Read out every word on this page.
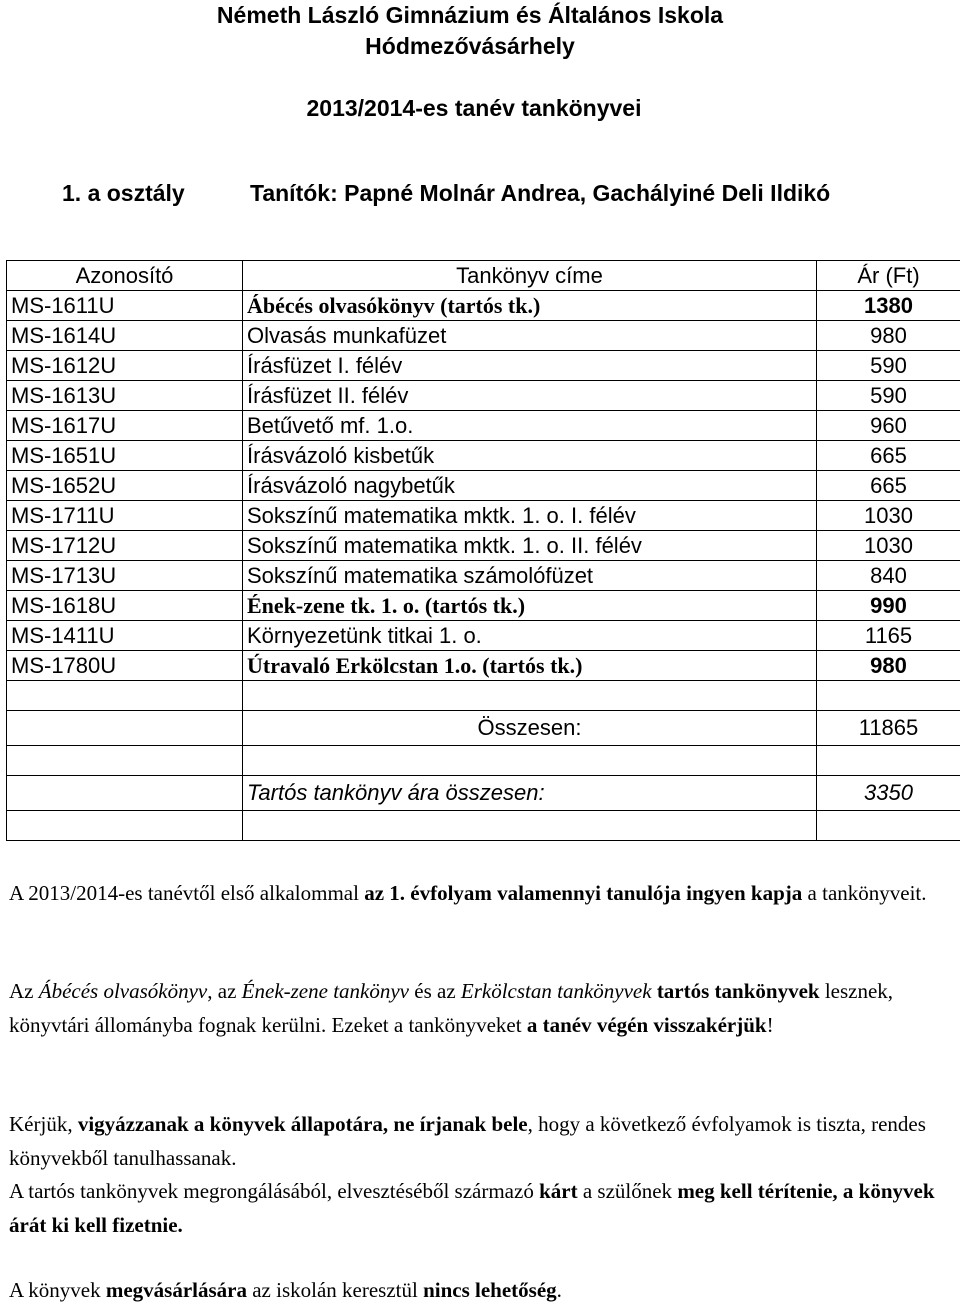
Németh László Gimnázium és Általános Iskola
Hódmezővásárhely
2013/2014-es tanév tankönyvei
1. a osztály	Tanítók: Papné Molnár Andrea, Gachályiné Deli Ildikó
Azonosító	Tankönyv címe	Ár (Ft)
MS-1611U	Ábécés olvasókönyv (tartós tk.)	1380
MS-1614U	Olvasás munkafüzet	980
MS-1612U	Írásfüzet I. félév	590
MS-1613U	Írásfüzet II. félév	590
MS-1617U	Betűvető mf. 1.o.	960
MS-1651U	Írásvázoló kisbetűk	665
MS-1652U	Írásvázoló nagybetűk	665
MS-1711U	Sokszínű matematika mktk. 1. o. I. félév	1030
MS-1712U	Sokszínű matematika mktk. 1. o. II. félév	1030
MS-1713U	Sokszínű matematika számolófüzet	840
MS-1618U	Ének-zene tk. 1. o. (tartós tk.)	990
MS-1411U	Környezetünk titkai 1. o.	1165
MS-1780U	Útravaló Erkölcstan 1.o. (tartós tk.)	980

	Összesen:	11865

	Tartós tankönyv ára összesen:	3350

A 2013/2014-es tanévtől első alkalommal az 1. évfolyam valamennyi tanulója ingyen kapja a tankönyveit.
Az Ábécés olvasókönyv, az Ének-zene tankönyv és az Erkölcstan tankönyvek tartós tankönyvek lesznek, könyvtári állományba fognak kerülni. Ezeket a tankönyveket a tanév végén visszakérjük!
Kérjük, vigyázzanak a könyvek állapotára, ne írjanak bele, hogy a következő évfolyamok is tiszta, rendes könyvekből tanulhassanak.
A tartós tankönyvek megrongálásából, elvesztéséből származó kárt a szülőnek meg kell térítenie, a könyvek árát ki kell fizetnie.
A könyvek megvásárlására az iskolán keresztül nincs lehetőség.
